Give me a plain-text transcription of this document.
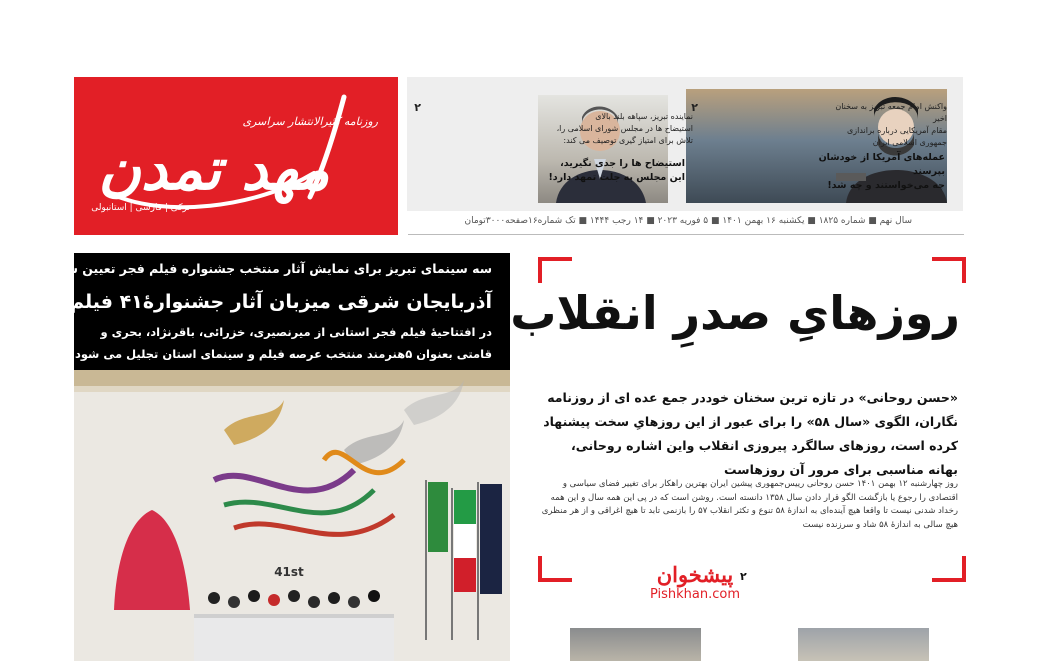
مهد تمدن
روزنامه کثیرالانتشار سراسری
ترکی | فارسی | استانبولی
۲	واکنش امام جمعه تبریز به سخنان اخیر
مقام آمریکایی درباره براندازی
جمهوری اسلامی ایران
عمله‌های آمریکا از خودشان بپرسند
چه می‌خواستند و چه شد!
۲
نماینده تبریز، سپاهه بلند بالای
استیضاح ها در مجلس شورای اسلامی را،
تلاش برای امتیاز گیری توصیف می کند:
استیضاح ها را جدی نگیرید،
این مجلس به‌ جلت تمهد دارد!
سال نهم ■ شماره ۱۸۲۵ ■ یکشنبه ۱۶ بهمن ۱۴۰۱ ■ ۵ فوریه ۲۰۲۳ ■ ۱۴ رجب ۱۴۴۴ ■ تک شماره۱۶صفحه۳۰۰۰تومان
سه سینمای تبریز برای نمایش آثار منتخب جشنواره فیلم فجر تعیین شد
آذربایجان شرقی میزبان آثار جشنوارۀ۴۱ فیلم فجر
در افتتاحیۀ فیلم فجر استانی از میرنصیری، خزرائی، باقرنژاد، بحری و قامتی بعنوان ۵هنرمند منتخب عرصه فیلم و سینمای استان تجلیل می شود
41st
روزهایِ صدرِ انقلاب
«حسن روحانی» در تازه ترین سخنان خوددر جمع عده ای از روزنامه نگاران، الگوی «سال ۵۸» را برای عبور از این روزهایِ سخت پیشنهاد کرده است، روزهای سالگرد پیروزی انقلاب واین اشاره روحانی، بهانه مناسبی برای مرور آن روزهاست
روز چهارشنبه ۱۲ بهمن ۱۴۰۱ حسن روحانی رییس‌جمهوری پیشین ایران بهترین راهکار برای تغییر فضای سیاسی و اقتصادی را رجوع یا بازگشت الگو قرار دادن سال ۱۳۵۸ دانسته است. روشن است که در پی این همه سال و این همه رخداد شدنی نیست تا واقعا هیچ آینده‌ای به اندازۀ ۵۸ تنوع و تکثر انقلاب ۵۷ را بازنمی تابد تا هیچ اغراقی و از هر منظری هیچ سالی به اندازۀ ۵۸ شاد و سرزنده نیست
۲
پیشخوان
Pishkhan.com
